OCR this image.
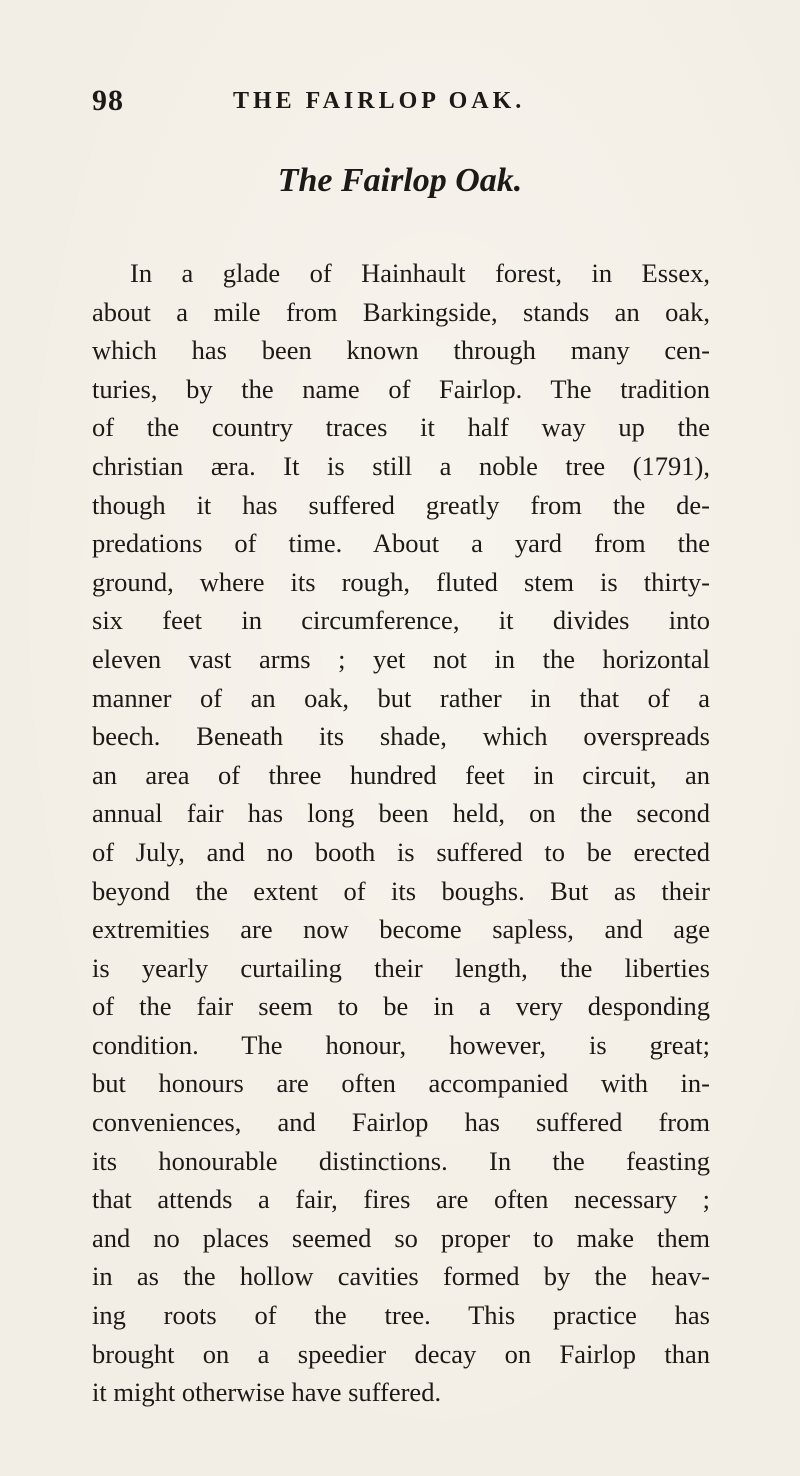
98	THE FAIRLOP OAK.
The Fairlop Oak.
In a glade of Hainhault forest, in Essex,
about a mile from Barkingside, stands an oak,
which has been known through many cen-
turies, by the name of Fairlop. The tradition
of the country traces it half way up the
christian æra. It is still a noble tree (1791),
though it has suffered greatly from the de-
predations of time. About a yard from the
ground, where its rough, fluted stem is thirty-
six feet in circumference, it divides into
eleven vast arms ; yet not in the horizontal
manner of an oak, but rather in that of a
beech. Beneath its shade, which overspreads
an area of three hundred feet in circuit, an
annual fair has long been held, on the second
of July, and no booth is suffered to be erected
beyond the extent of its boughs. But as their
extremities are now become sapless, and age
is yearly curtailing their length, the liberties
of the fair seem to be in a very desponding
condition. The honour, however, is great;
but honours are often accompanied with in-
conveniences, and Fairlop has suffered from
its honourable distinctions. In the feasting
that attends a fair, fires are often necessary ;
and no places seemed so proper to make them
in as the hollow cavities formed by the heav-
ing roots of the tree. This practice has
brought on a speedier decay on Fairlop than
it might otherwise have suffered.
